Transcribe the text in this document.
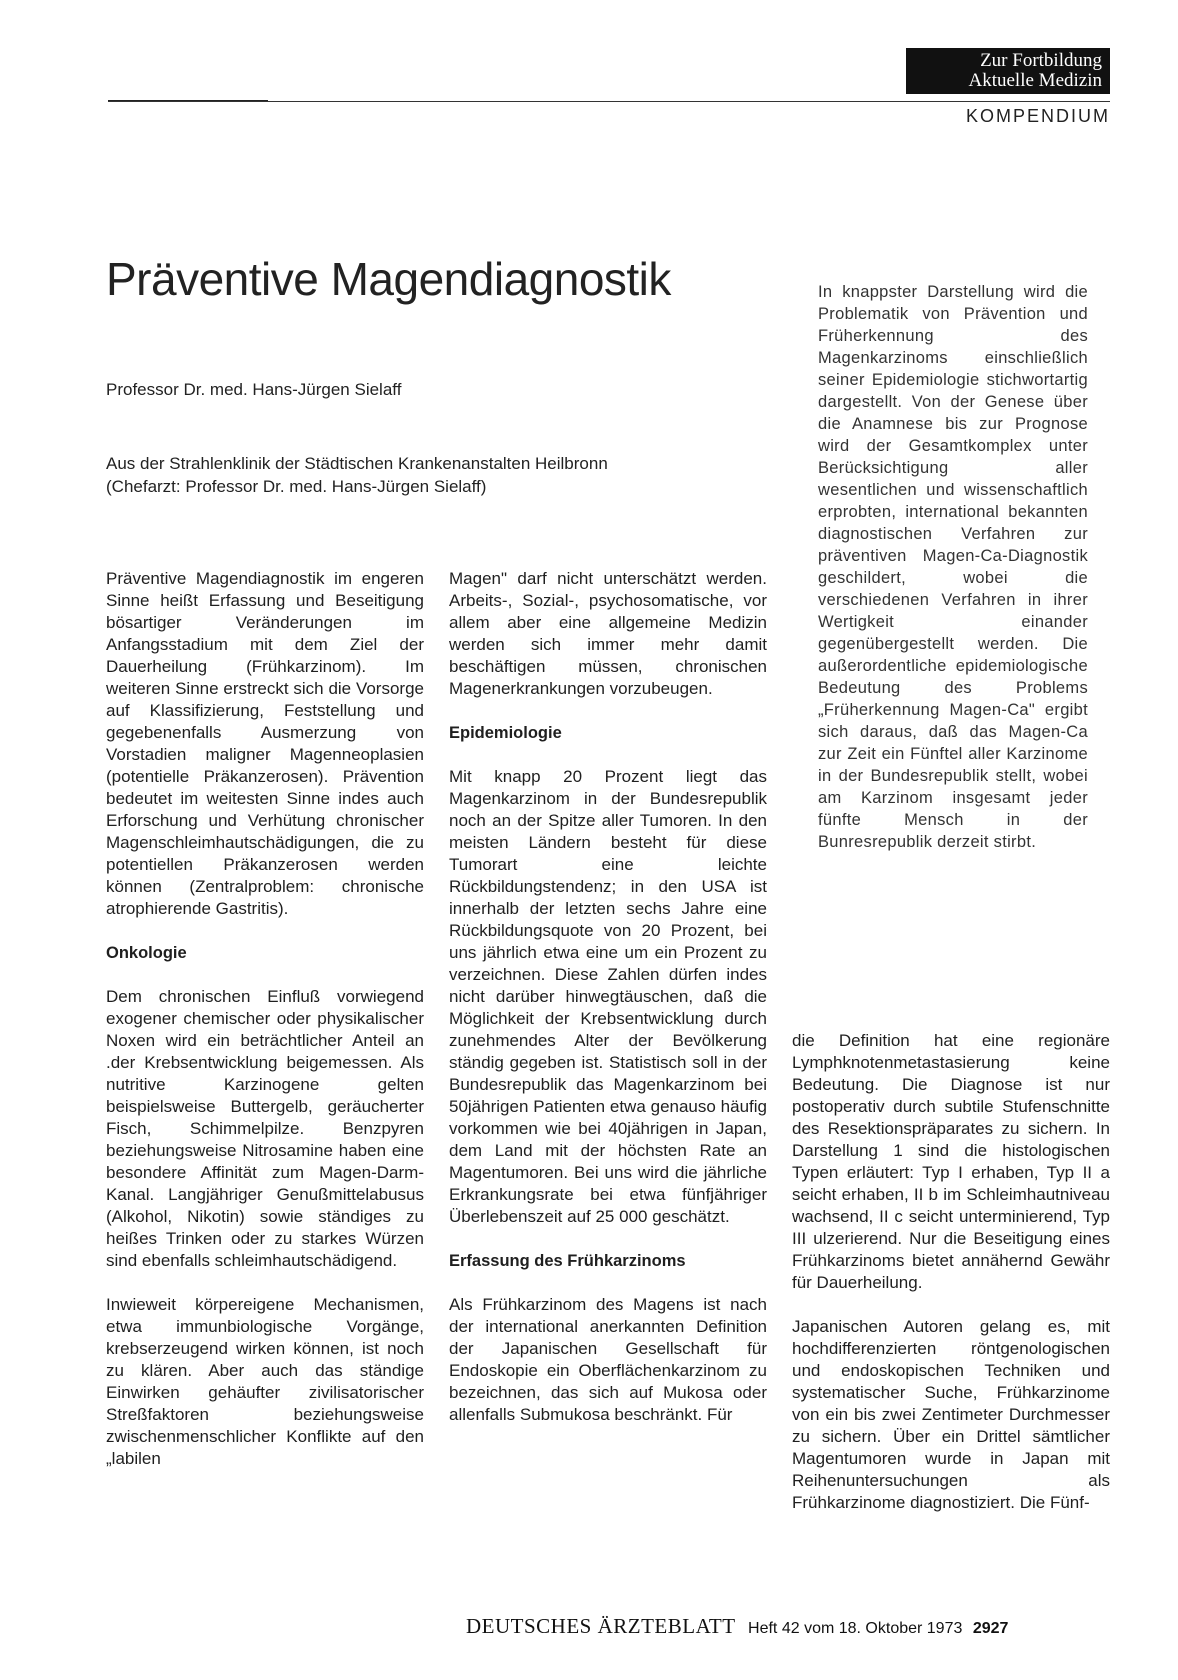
Zur Fortbildung
Aktuelle Medizin
KOMPENDIUM
Präventive Magendiagnostik
Professor Dr. med. Hans-Jürgen Sielaff
Aus der Strahlenklinik der Städtischen Krankenanstalten Heilbronn
(Chefarzt: Professor Dr. med. Hans-Jürgen Sielaff)
In knappster Darstellung wird die Problematik von Prävention und Früherkennung des Magenkarzinoms einschließlich seiner Epidemiologie stichwortartig dargestellt. Von der Genese über die Anamnese bis zur Prognose wird der Gesamtkomplex unter Berücksichtigung aller wesentlichen und wissenschaftlich erprobten, international bekannten diagnostischen Verfahren zur präventiven Magen-Ca-Diagnostik geschildert, wobei die verschiedenen Verfahren in ihrer Wertigkeit einander gegenübergestellt werden. Die außerordentliche epidemiologische Bedeutung des Problems „Früherkennung Magen-Ca" ergibt sich daraus, daß das Magen-Ca zur Zeit ein Fünftel aller Karzinome in der Bundesrepublik stellt, wobei am Karzinom insgesamt jeder fünfte Mensch in der Bunresrepublik derzeit stirbt.

Präventive Magendiagnostik im engeren Sinne heißt Erfassung und Beseitigung bösartiger Veränderungen im Anfangsstadium mit dem Ziel der Dauerheilung (Frühkarzinom). Im weiteren Sinne erstreckt sich die Vorsorge auf Klassifizierung, Feststellung und gegebenenfalls Ausmerzung von Vorstadien maligner Magenneoplasien (potentielle Präkanzerosen). Prävention bedeutet im weitesten Sinne indes auch Erforschung und Verhütung chronischer Magenschleimhautschädigungen, die zu potentiellen Präkanzerosen werden können (Zentralproblem: chronische atrophierende Gastritis).

Onkologie

Dem chronischen Einfluß vorwiegend exogener chemischer oder physikalischer Noxen wird ein beträchtlicher Anteil an .der Krebsentwicklung beigemessen. Als nutritive Karzinogene gelten beispielsweise Buttergelb, geräucherter Fisch, Schimmelpilze. Benzpyren beziehungsweise Nitrosamine haben eine besondere Affinität zum Magen-Darm-Kanal. Langjähriger Genußmittelabusus (Alkohol, Nikotin) sowie ständiges zu heißes Trinken oder zu starkes Würzen sind ebenfalls schleimhautschädigend.

Inwieweit körpereigene Mechanismen, etwa immunbiologische Vorgänge, krebserzeugend wirken können, ist noch zu klären. Aber auch das ständige Einwirken gehäufter zivilisatorischer Streßfaktoren beziehungsweise zwischenmenschlicher Konflikte auf den „labilen

Magen" darf nicht unterschätzt werden. Arbeits-, Sozial-, psychosomatische, vor allem aber eine allgemeine Medizin werden sich immer mehr damit beschäftigen müssen, chronischen Magenerkrankungen vorzubeugen.

Epidemiologie

Mit knapp 20 Prozent liegt das Magenkarzinom in der Bundesrepublik noch an der Spitze aller Tumoren. In den meisten Ländern besteht für diese Tumorart eine leichte Rückbildungstendenz; in den USA ist innerhalb der letzten sechs Jahre eine Rückbildungsquote von 20 Prozent, bei uns jährlich etwa eine um ein Prozent zu verzeichnen. Diese Zahlen dürfen indes nicht darüber hinwegtäuschen, daß die Möglichkeit der Krebsentwicklung durch zunehmendes Alter der Bevölkerung ständig gegeben ist. Statistisch soll in der Bundesrepublik das Magenkarzinom bei 50jährigen Patienten etwa genauso häufig vorkommen wie bei 40jährigen in Japan, dem Land mit der höchsten Rate an Magentumoren. Bei uns wird die jährliche Erkrankungsrate bei etwa fünfjähriger Überlebenszeit auf 25 000 geschätzt.

Erfassung des Frühkarzinoms

Als Frühkarzinom des Magens ist nach der international anerkannten Definition der Japanischen Gesellschaft für Endoskopie ein Oberflächenkarzinom zu bezeichnen, das sich auf Mukosa oder allenfalls Submukosa beschränkt. Für

die Definition hat eine regionäre Lymphknotenmetastasierung keine Bedeutung. Die Diagnose ist nur postoperativ durch subtile Stufenschnitte des Resektionspräparates zu sichern. In Darstellung 1 sind die histologischen Typen erläutert: Typ I erhaben, Typ II a seicht erhaben, II b im Schleimhautniveau wachsend, II c seicht unterminierend, Typ III ulzerierend. Nur die Beseitigung eines Frühkarzinoms bietet annähernd Gewähr für Dauerheilung.

Japanischen Autoren gelang es, mit hochdifferenzierten röntgenologischen und endoskopischen Techniken und systematischer Suche, Frühkarzinome von ein bis zwei Zentimeter Durchmesser zu sichern. Über ein Drittel sämtlicher Magentumoren wurde in Japan mit Reihenuntersuchungen als Frühkarzinome diagnostiziert. Die Fünf-

DEUTSCHES ÄRZTEBLATT Heft 42 vom 18. Oktober 1973 2927
